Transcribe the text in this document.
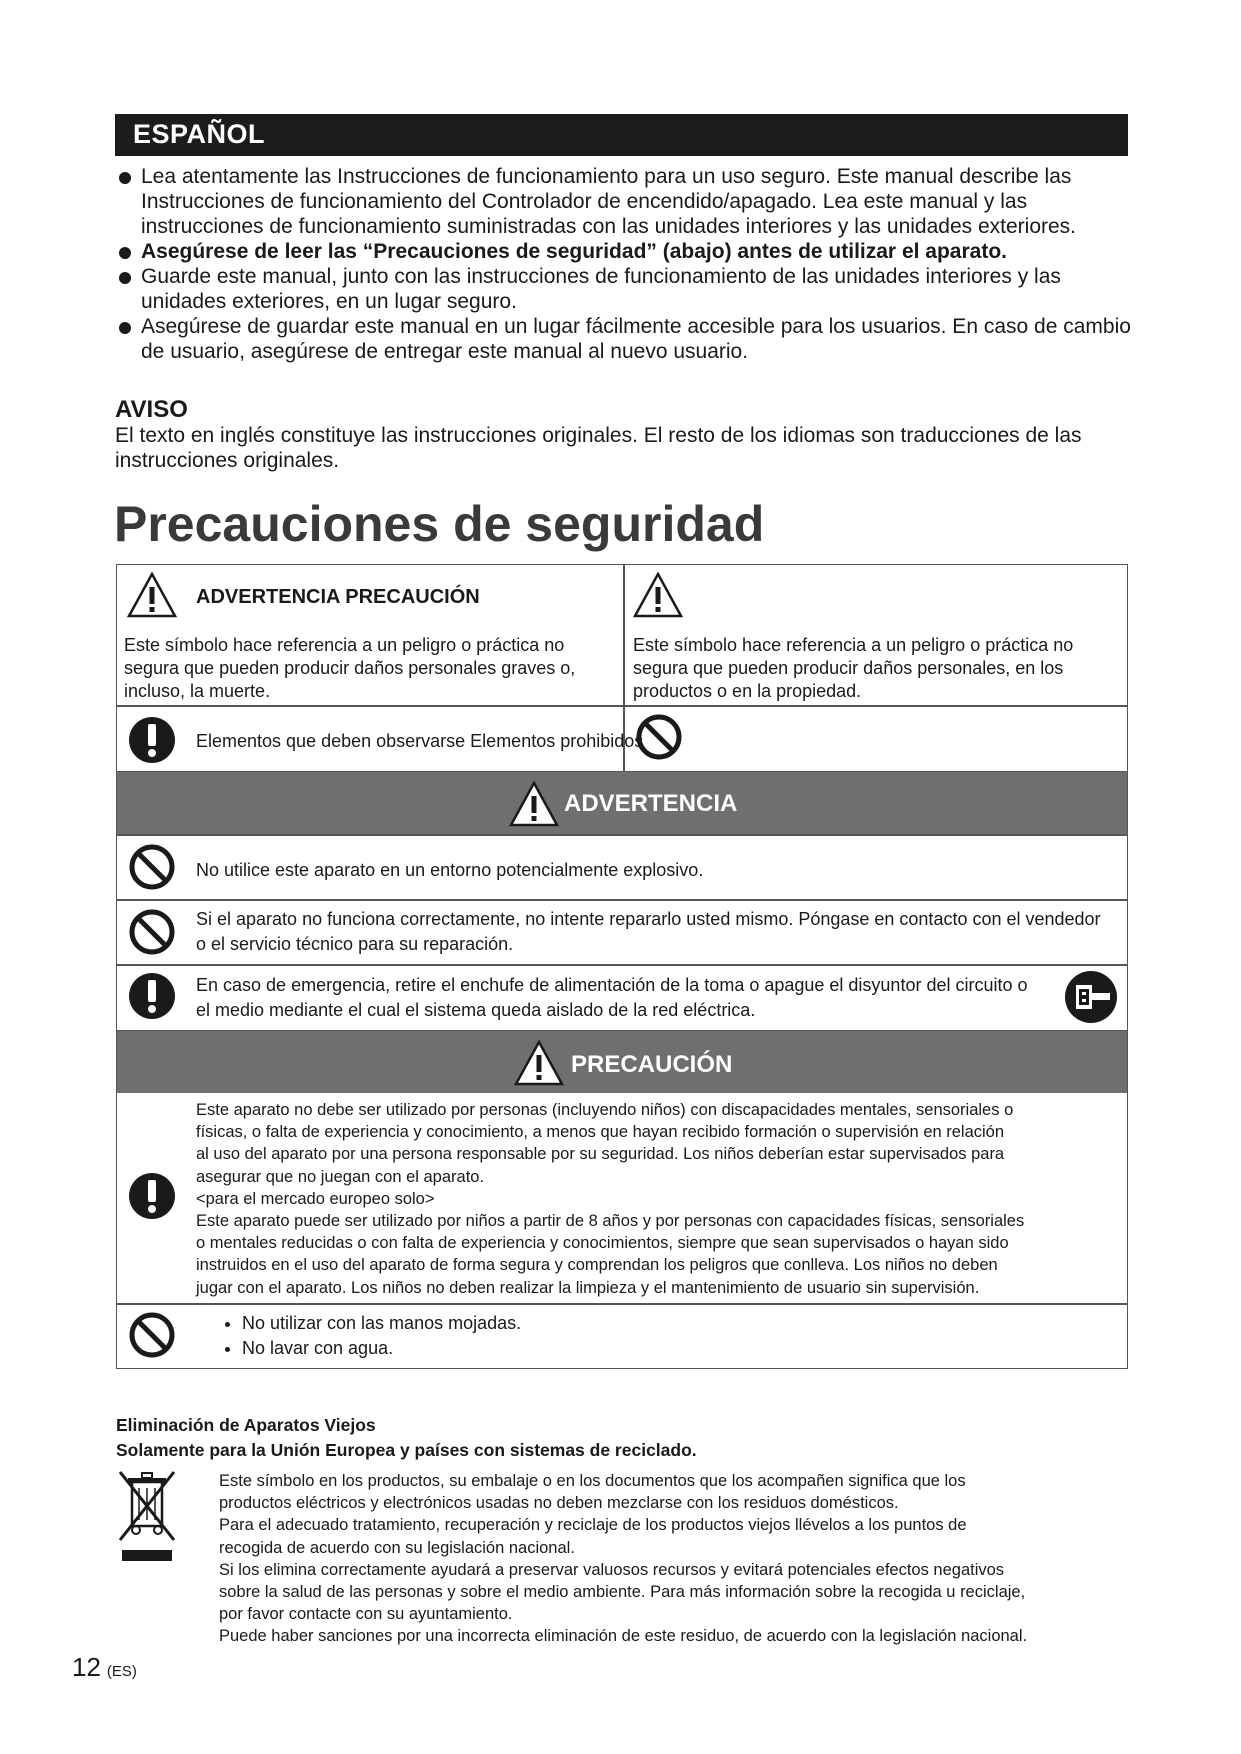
ESPAÑOL
Lea atentamente las Instrucciones de funcionamiento para un uso seguro. Este manual describe las Instrucciones de funcionamiento del Controlador de encendido/apagado. Lea este manual y las instrucciones de funcionamiento suministradas con las unidades interiores y las unidades exteriores.
Asegúrese de leer las “Precauciones de seguridad” (abajo) antes de utilizar el aparato.
Guarde este manual, junto con las instrucciones de funcionamiento de las unidades interiores y las unidades exteriores, en un lugar seguro.
Asegúrese de guardar este manual en un lugar fácilmente accesible para los usuarios. En caso de cambio de usuario, asegúrese de entregar este manual al nuevo usuario.
AVISO
El texto en inglés constituye las instrucciones originales. El resto de los idiomas son traducciones de las instrucciones originales.
Precauciones de seguridad
ADVERTENCIA PRECAUCIÓN
Este símbolo hace referencia a un peligro o práctica no segura que pueden producir daños personales graves o, incluso, la muerte.
Este símbolo hace referencia a un peligro o práctica no segura que pueden producir daños personales, en los productos o en la propiedad.
Elementos que deben observarse Elementos prohibidos
ADVERTENCIA
No utilice este aparato en un entorno potencialmente explosivo.
Si el aparato no funciona correctamente, no intente repararlo usted mismo. Póngase en contacto con el vendedor o el servicio técnico para su reparación.
En caso de emergencia, retire el enchufe de alimentación de la toma o apague el disyuntor del circuito o el medio mediante el cual el sistema queda aislado de la red eléctrica.
PRECAUCIÓN
Este aparato no debe ser utilizado por personas (incluyendo niños) con discapacidades mentales, sensoriales o
físicas, o falta de experiencia y conocimiento, a menos que hayan recibido formación o supervisión en relación
al uso del aparato por una persona responsable por su seguridad. Los niños deberían estar supervisados para
asegurar que no juegan con el aparato.
<para el mercado europeo solo>
Este aparato puede ser utilizado por niños a partir de 8 años y por personas con capacidades físicas, sensoriales
o mentales reducidas o con falta de experiencia y conocimientos, siempre que sean supervisados o hayan sido
instruidos en el uso del aparato de forma segura y comprendan los peligros que conlleva. Los niños no deben
jugar con el aparato. Los niños no deben realizar la limpieza y el mantenimiento de usuario sin supervisión.
• No utilizar con las manos mojadas.
• No lavar con agua.
Eliminación de Aparatos Viejos
Solamente para la Unión Europea y países con sistemas de reciclado.
Este símbolo en los productos, su embalaje o en los documentos que los acompañen significa que los
productos eléctricos y electrónicos usadas no deben mezclarse con los residuos domésticos.
Para el adecuado tratamiento, recuperación y reciclaje de los productos viejos llévelos a los puntos de
recogida de acuerdo con su legislación nacional.
Si los elimina correctamente ayudará a preservar valuosos recursos y evitará potenciales efectos negativos
sobre la salud de las personas y sobre el medio ambiente. Para más información sobre la recogida u reciclaje,
por favor contacte con su ayuntamiento.
Puede haber sanciones por una incorrecta eliminación de este residuo, de acuerdo con la legislación nacional.
12 (ES)
